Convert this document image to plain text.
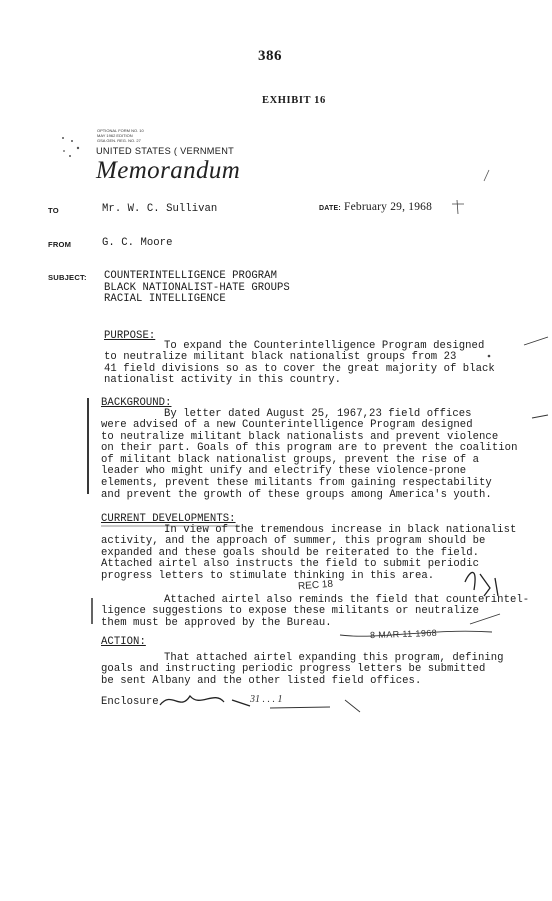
386
EXHIBIT 16
OPTIONAL FORM NO. 10
MAY 1962 EDITION
GSA GEN. REG. NO. 27
UNITED STATES ( VERNMENT
Memorandum
TO	Mr. W. C. Sullivan	DATE: February 29, 1968
FROM	G. C. Moore
SUBJECT: COUNTERINTELLIGENCE PROGRAM
BLACK NATIONALIST-HATE GROUPS
RACIAL INTELLIGENCE
PURPOSE:
To expand the Counterintelligence Program designed
to neutralize militant black nationalist groups from 23
41 field divisions so as to cover the great majority of black
nationalist activity in this country.
BACKGROUND:
By letter dated August 25, 1967,23 field offices
were advised of a new Counterintelligence Program designed
to neutralize militant black nationalists and prevent violence
on their part. Goals of this program are to prevent the coalition
of militant black nationalist groups, prevent the rise of a
leader who might unify and electrify these violence-prone
elements, prevent these militants from gaining respectability
and prevent the growth of these groups among America's youth.
CURRENT DEVELOPMENTS:
In view of the tremendous increase in black nationalist
activity, and the approach of summer, this program should be
expanded and these goals should be reiterated to the field.
Attached airtel also instructs the field to submit periodic
progress letters to stimulate thinking in this area.
Attached airtel also reminds the field that counterintel-
ligence suggestions to expose these militants or neutralize
them must be approved by the Bureau.
ACTION:
That attached airtel expanding this program, defining
goals and instructing periodic progress letters be submitted
be sent Albany and the other listed field offices.
Enclosure	31 . . . 1
REC 18
8 MAR 11 1968
